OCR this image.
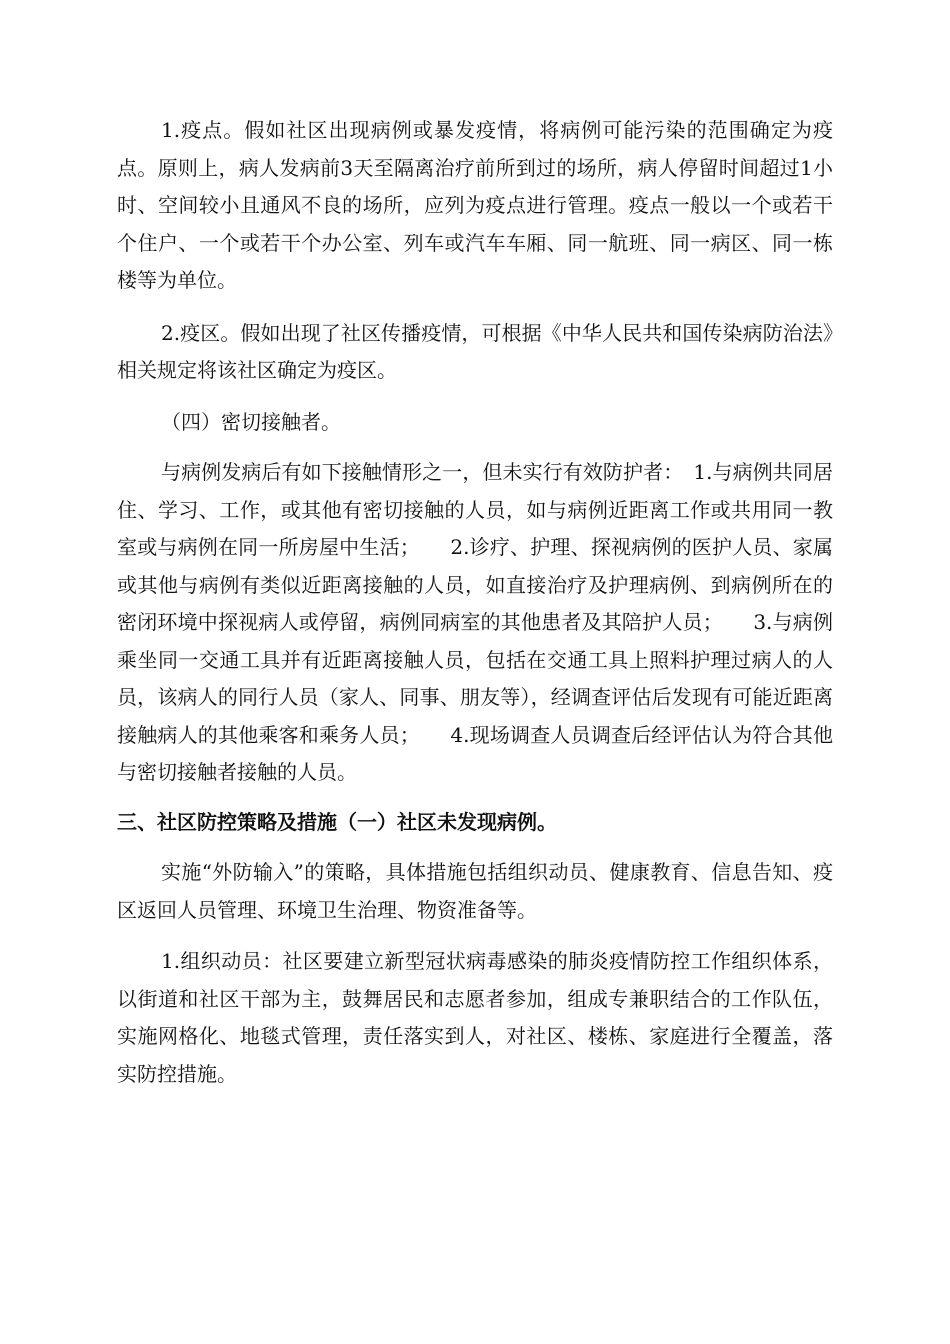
1.疫点。假如社区出现病例或暴发疫情，将病例可能污染的范围确定为疫点。原则上，病人发病前3天至隔离治疗前所到过的场所，病人停留时间超过1小时、空间较小且通风不良的场所，应列为疫点进行管理。疫点一般以一个或若干个住户、一个或若干个办公室、列车或汽车车厢、同一航班、同一病区、同一栋楼等为单位。

2.疫区。假如出现了社区传播疫情，可根据《中华人民共和国传染病防治法》相关规定将该社区确定为疫区。

（四）密切接触者。

与病例发病后有如下接触情形之一，但未实行有效防护者：　1.与病例共同居住、学习、工作，或其他有密切接触的人员，如与病例近距离工作或共用同一教室或与病例在同一所房屋中生活；　　2.诊疗、护理、探视病例的医护人员、家属或其他与病例有类似近距离接触的人员，如直接治疗及护理病例、到病例所在的密闭环境中探视病人或停留，病例同病室的其他患者及其陪护人员；　　3.与病例乘坐同一交通工具并有近距离接触人员，包括在交通工具上照料护理过病人的人员，该病人的同行人员（家人、同事、朋友等），经调查评估后发现有可能近距离接触病人的其他乘客和乘务人员；　　4.现场调查人员调查后经评估认为符合其他与密切接触者接触的人员。

三、社区防控策略及措施（一）社区未发现病例。

实施“外防输入”的策略，具体措施包括组织动员、健康教育、信息告知、疫区返回人员管理、环境卫生治理、物资准备等。

1.组织动员：社区要建立新型冠状病毒感染的肺炎疫情防控工作组织体系，以街道和社区干部为主，鼓舞居民和志愿者参加，组成专兼职结合的工作队伍，实施网格化、地毯式管理，责任落实到人，对社区、楼栋、家庭进行全覆盖，落实防控措施。
